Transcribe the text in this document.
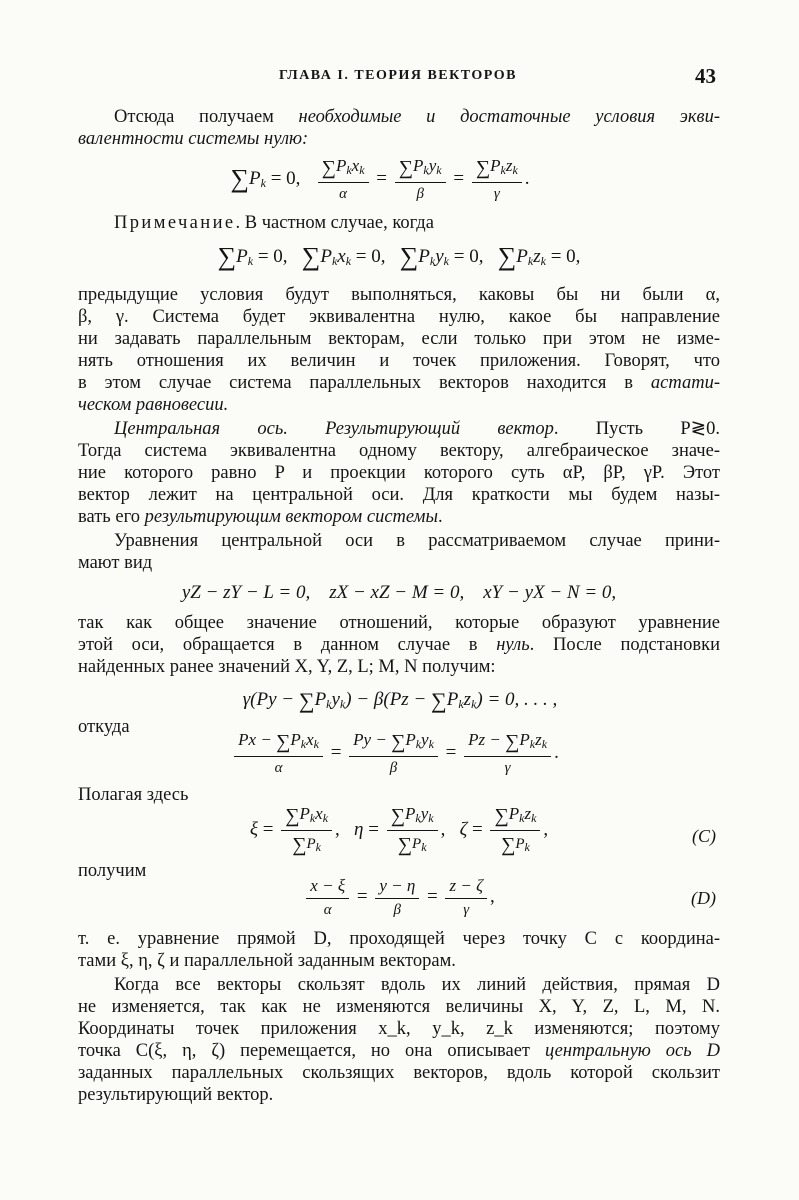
ГЛАВА I. ТЕОРИЯ ВЕКТОРОВ	43
Отсюда получаем необходимые и достаточные условия экви-
валентности системы нулю:
$\sum P_k = 0$, $\frac{\sum P_kx_k}{\alpha} = \frac{\sum P_ky_k}{\beta} = \frac{\sum P_kz_k}{\gamma}$ .
Примечание. В частном случае, когда
$\sum P_k = 0$,   $\sum P_kx_k = 0$,   $\sum P_ky_k = 0$,   $\sum P_kz_k = 0$,
предыдущие условия будут выполняться, каковы бы ни были α,
β, γ. Система будет эквивалентна нулю, какое бы направление
ни задавать параллельным векторам, если только при этом не изме-
нять отношения их величин и точек приложения. Говорят, что
в этом случае система параллельных векторов находится в астати-
ческом равновесии.
Центральная ось. Результирующий вектор. Пусть P≷0.
Тогда система эквивалентна одному вектору, алгебраическое значе-
ние которого равно P и проекции которого суть αP, βP, γP. Этот
вектор лежит на центральной оси. Для краткости мы будем назы-
вать его результирующим вектором системы.
Уравнения центральной оси в рассматриваемом случае прини-
мают вид
yZ − zY − L = 0,    zX − xZ − M = 0,    xY − yX − N = 0,
так как общее значение отношений, которые образуют уравнение
этой оси, обращается в данном случае в нуль. После подстановки
найденных ранее значений X, Y, Z, L; M, N получим:
$\gamma(Py - \sum P_ky_k) - \beta(Pz - \sum P_kz_k) = 0$, . . . ,
откуда
$\frac{Px - \sum P_kx_k}{\alpha} = \frac{Py - \sum P_ky_k}{\beta} = \frac{Pz - \sum P_kz_k}{\gamma}$ .
Полагая здесь
$\xi = \frac{\sum P_kx_k}{\sum P_k}$ ,   $\eta = \frac{\sum P_ky_k}{\sum P_k}$ ,   $\zeta = \frac{\sum P_kz_k}{\sum P_k}$ ,	(C)
получим
$\frac{x - \xi}{\alpha} = \frac{y - \eta}{\beta} = \frac{z - \zeta}{\gamma}$ ,	(D)
т. е. уравнение прямой D, проходящей через точку C с координа-
тами ξ, η, ζ и параллельной заданным векторам.
Когда все векторы скользят вдоль их линий действия, прямая D
не изменяется, так как не изменяются величины X, Y, Z, L, M, N.
Координаты точек приложения x_k, y_k, z_k изменяются; поэтому
точка C(ξ, η, ζ) перемещается, но она описывает центральную ось D
заданных параллельных скользящих векторов, вдоль которой скользит
результирующий вектор.
